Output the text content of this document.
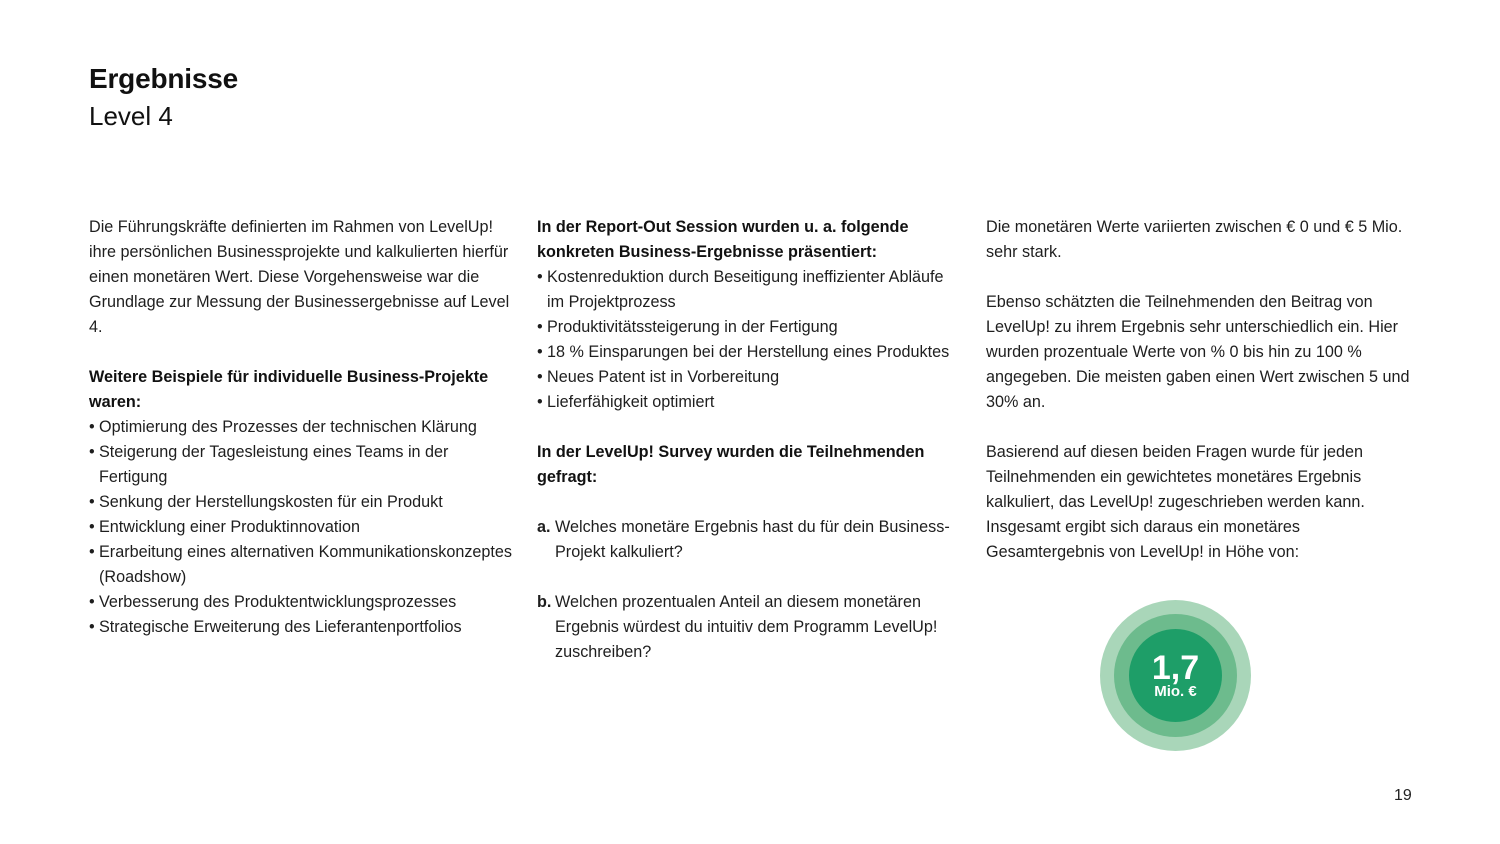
Ergebnisse
Level 4

Die Führungskräfte definierten im Rahmen von LevelUp! ihre persönlichen Businessprojekte und kalkulierten hierfür einen monetären Wert. Diese Vorgehensweise war die Grundlage zur Messung der Businessergebnisse auf Level 4.

Weitere Beispiele für individuelle Business-Projekte waren:

• Optimierung des Prozesses der technischen Klärung
• Steigerung der Tagesleistung eines Teams in der Fertigung
• Senkung der Herstellungskosten für ein Produkt
• Entwicklung einer Produktinnovation
• Erarbeitung eines alternativen Kommunikationskonzeptes (Roadshow)
• Verbesserung des Produktentwicklungsprozesses
• Strategische Erweiterung des Lieferantenportfolios

In der Report-Out Session wurden u. a. folgende konkreten Business-Ergebnisse präsentiert:

• Kostenreduktion durch Beseitigung ineffizienter Abläufe im Projektprozess
• Produktivitätssteigerung in der Fertigung
• 18 % Einsparungen bei der Herstellung eines Produktes
• Neues Patent ist in Vorbereitung
• Lieferfähigkeit optimiert

In der LevelUp! Survey wurden die Teilnehmenden gefragt:

a. Welches monetäre Ergebnis hast du für dein Business-Projekt kalkuliert?
b. Welchen prozentualen Anteil an diesem monetären Ergebnis würdest du intuitiv dem Programm LevelUp! zuschreiben?

Die monetären Werte variierten zwischen € 0 und € 5 Mio. sehr stark.

Ebenso schätzten die Teilnehmenden den Beitrag von LevelUp! zu ihrem Ergebnis sehr unterschiedlich ein. Hier wurden prozentuale Werte von % 0 bis hin zu 100 % angegeben. Die meisten gaben einen Wert zwischen 5 und 30% an.

Basierend auf diesen beiden Fragen wurde für jeden Teilnehmenden ein gewichtetes monetäres Ergebnis kalkuliert, das LevelUp! zugeschrieben werden kann. Insgesamt ergibt sich daraus ein monetäres Gesamtergebnis von LevelUp! in Höhe von:

1,7
Mio. €
19
